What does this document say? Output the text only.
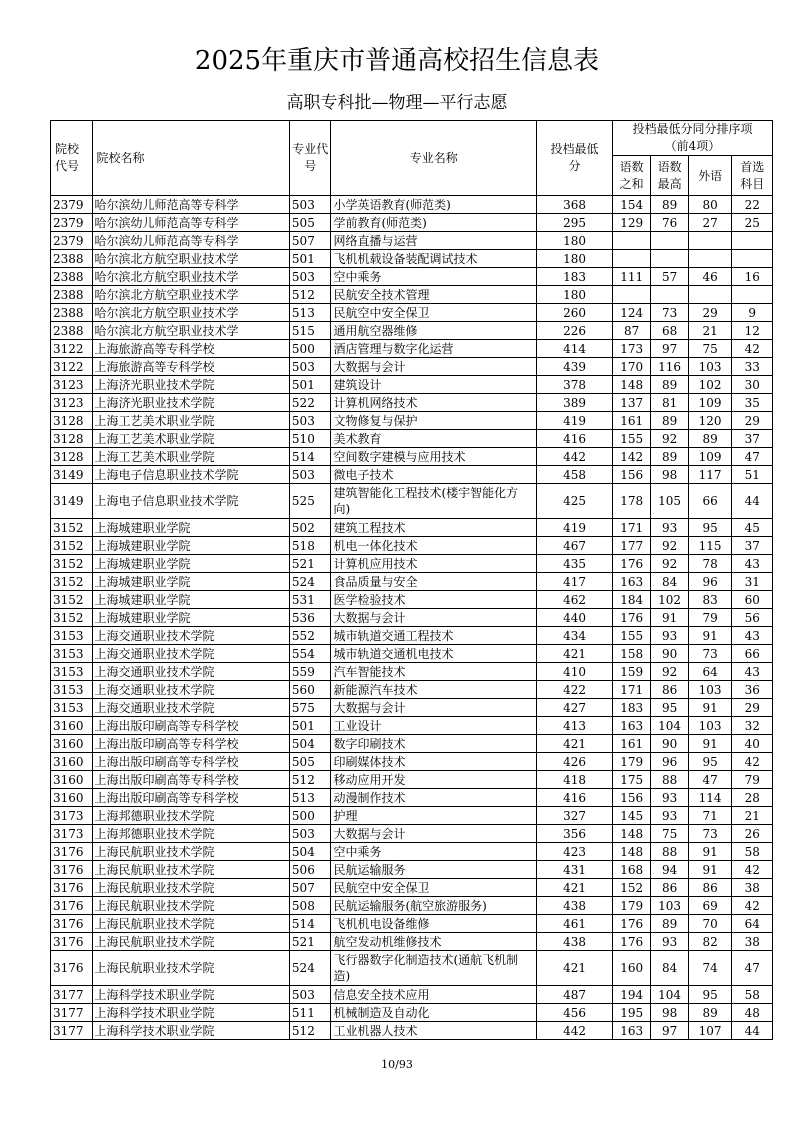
2025年重庆市普通高校招生信息表
高职专科批—物理—平行志愿
院校代号	院校名称	专业代号	专业名称	投档最低分	投档最低分同分排序项（前4项）			
					语数之和	语数最高	外语	首选科目
2379	哈尔滨幼儿师范高等专科学	503	小学英语教育(师范类)	368	154	89	80	22
2379	哈尔滨幼儿师范高等专科学	505	学前教育(师范类)	295	129	76	27	25
2379	哈尔滨幼儿师范高等专科学	507	网络直播与运营	180				
2388	哈尔滨北方航空职业技术学	501	飞机机载设备装配调试技术	180				
2388	哈尔滨北方航空职业技术学	503	空中乘务	183	111	57	46	16
2388	哈尔滨北方航空职业技术学	512	民航安全技术管理	180				
2388	哈尔滨北方航空职业技术学	513	民航空中安全保卫	260	124	73	29	9
2388	哈尔滨北方航空职业技术学	515	通用航空器维修	226	87	68	21	12
3122	上海旅游高等专科学校	500	酒店管理与数字化运营	414	173	97	75	42
3122	上海旅游高等专科学校	503	大数据与会计	439	170	116	103	33
3123	上海济光职业技术学院	501	建筑设计	378	148	89	102	30
3123	上海济光职业技术学院	522	计算机网络技术	389	137	81	109	35
3128	上海工艺美术职业学院	503	文物修复与保护	419	161	89	120	29
3128	上海工艺美术职业学院	510	美术教育	416	155	92	89	37
3128	上海工艺美术职业学院	514	空间数字建模与应用技术	442	142	89	109	47
3149	上海电子信息职业技术学院	503	微电子技术	458	156	98	117	51
3149	上海电子信息职业技术学院	525	建筑智能化工程技术(楼宇智能化方向)	425	178	105	66	44
3152	上海城建职业学院	502	建筑工程技术	419	171	93	95	45
3152	上海城建职业学院	518	机电一体化技术	467	177	92	115	37
3152	上海城建职业学院	521	计算机应用技术	435	176	92	78	43
3152	上海城建职业学院	524	食品质量与安全	417	163	84	96	31
3152	上海城建职业学院	531	医学检验技术	462	184	102	83	60
3152	上海城建职业学院	536	大数据与会计	440	176	91	79	56
3153	上海交通职业技术学院	552	城市轨道交通工程技术	434	155	93	91	43
3153	上海交通职业技术学院	554	城市轨道交通机电技术	421	158	90	73	66
3153	上海交通职业技术学院	559	汽车智能技术	410	159	92	64	43
3153	上海交通职业技术学院	560	新能源汽车技术	422	171	86	103	36
3153	上海交通职业技术学院	575	大数据与会计	427	183	95	91	29
3160	上海出版印刷高等专科学校	501	工业设计	413	163	104	103	32
3160	上海出版印刷高等专科学校	504	数字印刷技术	421	161	90	91	40
3160	上海出版印刷高等专科学校	505	印刷媒体技术	426	179	96	95	42
3160	上海出版印刷高等专科学校	512	移动应用开发	418	175	88	47	79
3160	上海出版印刷高等专科学校	513	动漫制作技术	416	156	93	114	28
3173	上海邦德职业技术学院	500	护理	327	145	93	71	21
3173	上海邦德职业技术学院	503	大数据与会计	356	148	75	73	26
3176	上海民航职业技术学院	504	空中乘务	423	148	88	91	58
3176	上海民航职业技术学院	506	民航运输服务	431	168	94	91	42
3176	上海民航职业技术学院	507	民航空中安全保卫	421	152	86	86	38
3176	上海民航职业技术学院	508	民航运输服务(航空旅游服务)	438	179	103	69	42
3176	上海民航职业技术学院	514	飞机机电设备维修	461	176	89	70	64
3176	上海民航职业技术学院	521	航空发动机维修技术	438	176	93	82	38
3176	上海民航职业技术学院	524	飞行器数字化制造技术(通航飞机制造)	421	160	84	74	47
3177	上海科学技术职业学院	503	信息安全技术应用	487	194	104	95	58
3177	上海科学技术职业学院	511	机械制造及自动化	456	195	98	89	48
3177	上海科学技术职业学院	512	工业机器人技术	442	163	97	107	44
10/93
